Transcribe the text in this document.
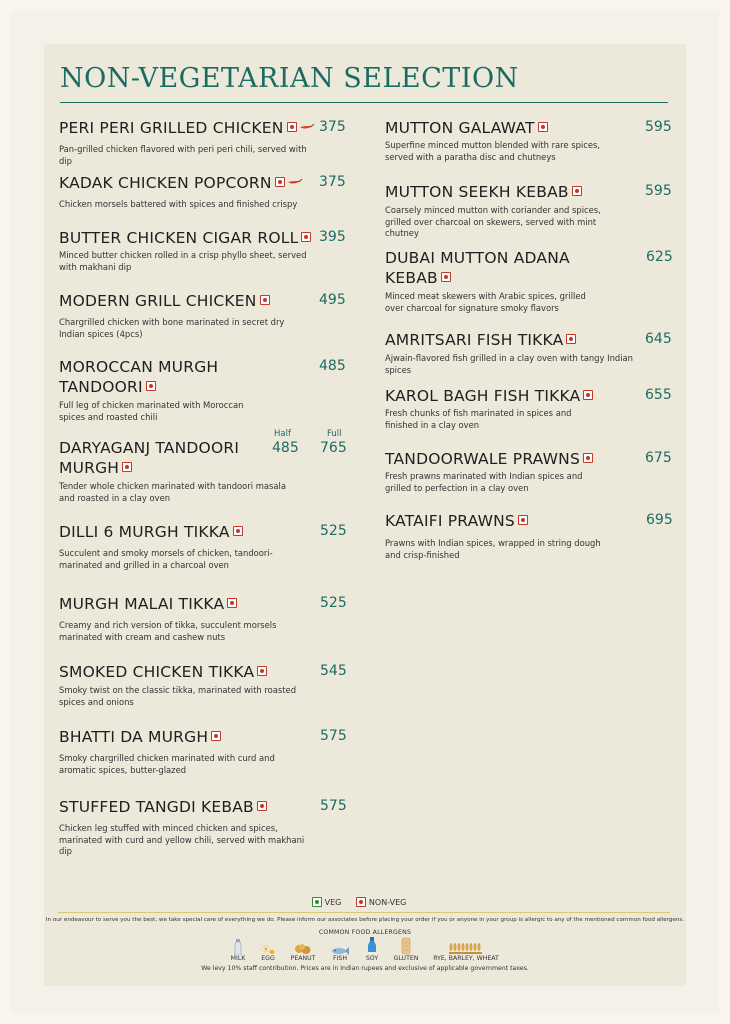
NON-VEGETARIAN SELECTION
PERI PERI GRILLED CHICKEN
Pan-grilled chicken flavored with peri peri chili, served with dip
375
KADAK CHICKEN POPCORN
Chicken morsels battered with spices and finished crispy
375
BUTTER CHICKEN CIGAR ROLL
Minced butter chicken rolled in a crisp phyllo sheet, served with makhani dip
395
MODERN GRILL CHICKEN
Chargrilled chicken with bone marinated in secret dry Indian spices (4pcs)
495
MOROCCAN MURGH TANDOORI
Full leg of chicken marinated with Moroccan spices and roasted chili
485
DARYAGANJ TANDOORI MURGH
Tender whole chicken marinated with tandoori masala and roasted in a clay oven
Half	Full
485 765
DILLI 6 MURGH TIKKA
Succulent and smoky morsels of chicken, tandoori-marinated and grilled in a charcoal oven
525
MURGH MALAI TIKKA
Creamy and rich version of tikka, succulent morsels marinated with cream and cashew nuts
525
SMOKED CHICKEN TIKKA
Smoky twist on the classic tikka, marinated with roasted spices and onions
545
BHATTI DA MURGH
Smoky chargrilled chicken marinated with curd and aromatic spices, butter-glazed
575
STUFFED TANGDI KEBAB
Chicken leg stuffed with minced chicken and spices, marinated with curd and yellow chili, served with makhani dip
575
MUTTON GALAWAT
Superfine minced mutton blended with rare spices, served with a paratha disc and chutneys
595
MUTTON SEEKH KEBAB
Coarsely minced mutton with coriander and spices, grilled over charcoal on skewers, served with mint chutney
595
DUBAI MUTTON ADANA KEBAB
Minced meat skewers with Arabic spices, grilled over charcoal for signature smoky flavors
625
AMRITSARI FISH TIKKA
Ajwain-flavored fish grilled in a clay oven with tangy Indian spices
645
KAROL BAGH FISH TIKKA
Fresh chunks of fish marinated in spices and finished in a clay oven
655
TANDOORWALE PRAWNS
Fresh prawns marinated with Indian spices and grilled to perfection in a clay oven
675
KATAIFI PRAWNS
Prawns with Indian spices, wrapped in string dough and crisp-finished
695
VEG	NON-VEG
In our endeavour to serve you the best, we take special care of everything we do. Please inform our associates before placing your order if you or anyone in your group is allergic to any of the mentioned common food allergens.
COMMON FOOD ALLERGENS
MILK	EGG	PEANUT	FISH	SOY	GLUTEN	RYE, BARLEY, WHEAT
We levy 10% staff contribution. Prices are in Indian rupees and exclusive of applicable government taxes.
